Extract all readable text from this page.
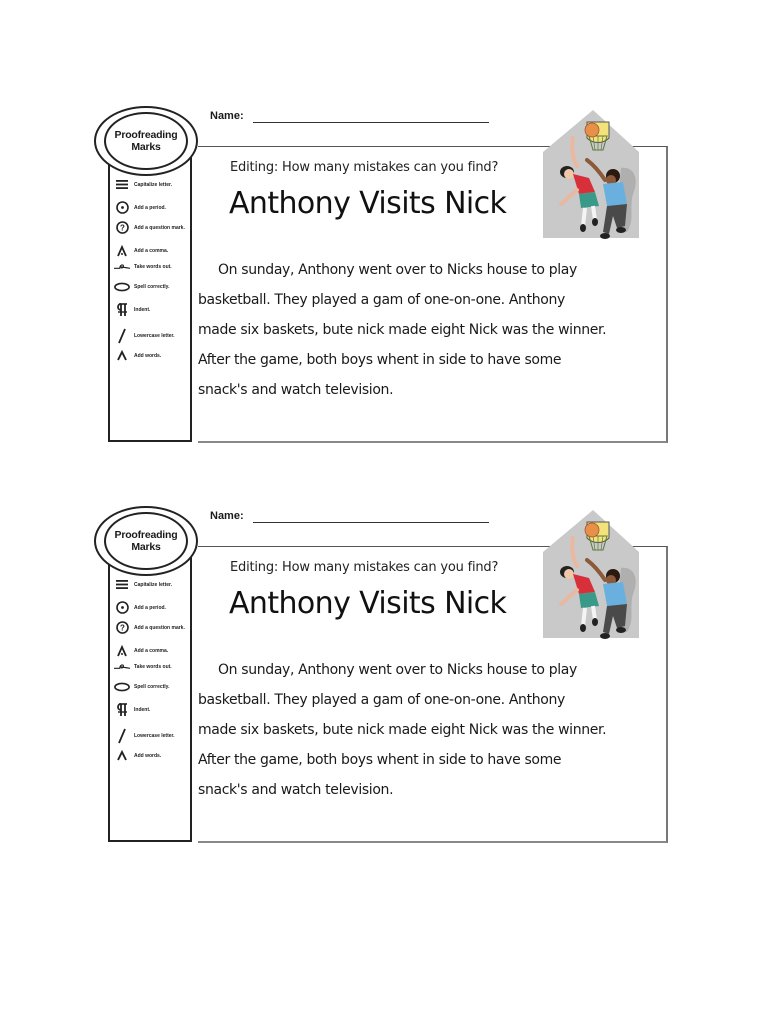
Proofreading
Marks
Capitalize letter.
Add a period.
? Add a question mark.
Add a comma.
Take words out.
Spell correctly.
Indent.
Lowercase letter.
Add words.
Name:
Editing: How many mistakes can you find?
Anthony Visits Nick
On sunday, Anthony went over to Nicks house to play
basketball. They played a gam of one-on-one. Anthony
made six baskets, bute nick made eight Nick was the winner.
After the game, both boys whent in side to have some
snack's and watch television.
Proofreading
Marks
Capitalize letter.
Add a period.
? Add a question mark.
Add a comma.
Take words out.
Spell correctly.
Indent.
Lowercase letter.
Add words.
Name:
Editing: How many mistakes can you find?
Anthony Visits Nick
On sunday, Anthony went over to Nicks house to play
basketball. They played a gam of one-on-one. Anthony
made six baskets, bute nick made eight Nick was the winner.
After the game, both boys whent in side to have some
snack's and watch television.
